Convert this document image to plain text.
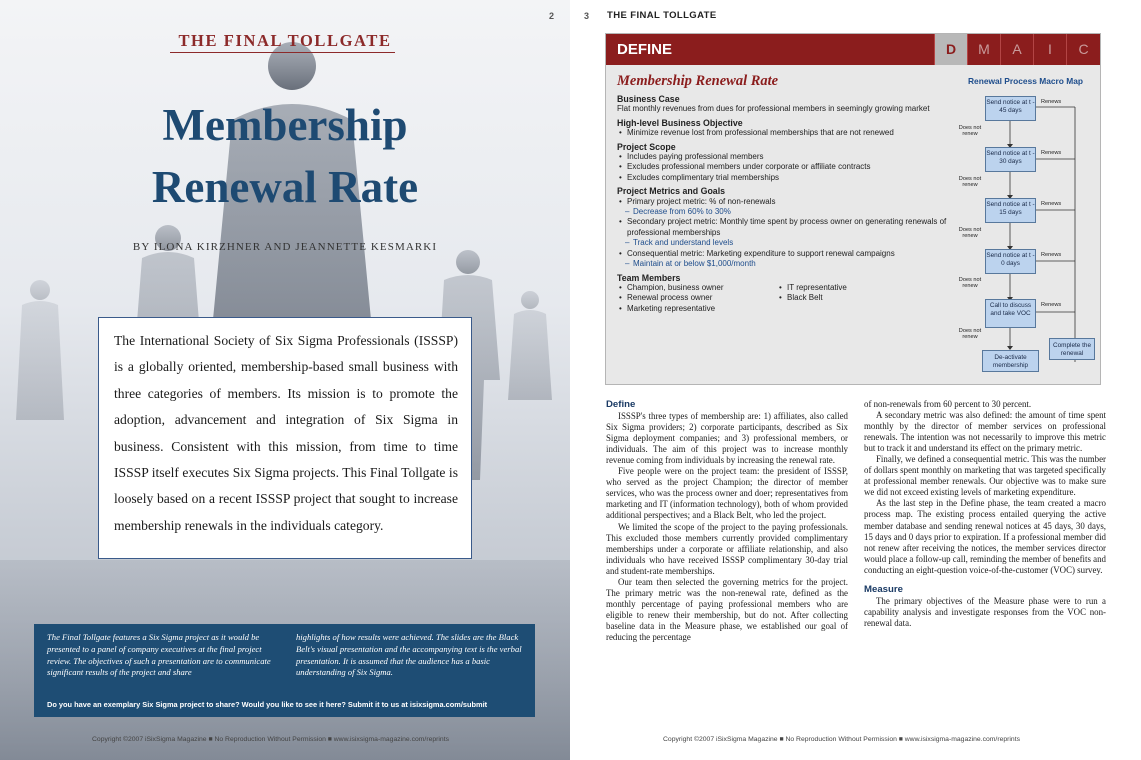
2
THE FINAL TOLLGATE
Membership
Renewal Rate
BY ILONA KIRZHNER AND JEANNETTE KESMARKI

The International Society of Six Sigma Professionals (ISSSP) is a globally oriented, membership-based small business with three categories of members. Its mission is to promote the adoption, advancement and integration of Six Sigma in business. Consistent with this mission, from time to time ISSSP itself executes Six Sigma projects. This Final Tollgate is loosely based on a recent ISSSP project that sought to increase membership renewals in the individuals category.

The Final Tollgate features a Six Sigma project as it would be presented to a panel of company executives at the final project review. The objectives of such a presentation are to communicate significant results of the project and share

highlights of how results were achieved. The slides are the Black Belt's visual presentation and the accompanying text is the verbal presentation. It is assumed that the audience has a basic understanding of Six Sigma.

Do you have an exemplary Six Sigma project to share? Would you like to see it here? Submit it to us at isixsigma.com/submit
Copyright ©2007 iSixSigma Magazine ■ No Reproduction Without Permission ■ www.isixsigma-magazine.com/reprints
3 THE FINAL TOLLGATE
DEFINE	D	M	A	I	C
Membership Renewal Rate
Business Case
Flat monthly revenues from dues for professional members in seemingly growing market
High-level Business Objective
• Minimize revenue lost from professional memberships that are not renewed
Project Scope
• Includes paying professional members
• Excludes professional members under corporate or affiliate contracts
• Excludes complimentary trial memberships
Project Metrics and Goals
• Primary project metric: % of non-renewals
– Decrease from 60% to 30%
• Secondary project metric: Monthly time spent by process owner on generating renewals of professional memberships
– Track and understand levels
• Consequential metric: Marketing expenditure to support renewal campaigns
– Maintain at or below $1,000/month
Team Members
• Champion, business owner
• Renewal process owner
• Marketing representative
• IT representative
• Black Belt
Renewal Process Macro Map
Send notice at t - 45 days
Send notice at t - 30 days
Send notice at t - 15 days
Send notice at t - 0 days
Call to discuss and take VOC
De-activate membership
Complete the renewal
Renews
Renews
Renews
Renews
Renews
Does not renew
Does not renew
Does not renew
Does not renew
Does not renew
Define

ISSSP's three types of membership are: 1) affiliates, also called Six Sigma providers; 2) corporate participants, described as Six Sigma deployment companies; and 3) professional members, or individuals. The aim of this project was to increase monthly revenue coming from individuals by increasing the renewal rate.

Five people were on the project team: the president of ISSSP, who served as the project Champion; the director of member services, who was the process owner and doer; representatives from marketing and IT (information technology), both of whom provided additional perspectives; and a Black Belt, who led the project.

We limited the scope of the project to the paying professionals. This excluded those members currently provided complimentary memberships under a corporate or affiliate relationship, and also individuals who have received ISSSP complimentary 30-day trial and student-rate memberships.

Our team then selected the governing metrics for the project. The primary metric was the non-renewal rate, defined as the monthly percentage of paying professional members who are eligible to renew their membership, but do not. After collecting baseline data in the Measure phase, we established our goal of reducing the percentage

of non-renewals from 60 percent to 30 percent.

A secondary metric was also defined: the amount of time spent monthly by the director of member services on professional renewals. The intention was not necessarily to improve this metric but to track it and understand its effect on the primary metric.

Finally, we defined a consequential metric. This was the number of dollars spent monthly on marketing that was targeted specifically at professional member renewals. Our objective was to make sure we did not exceed existing levels of marketing expenditure.

As the last step in the Define phase, the team created a macro process map. The existing process entailed querying the active member database and sending renewal notices at 45 days, 30 days, 15 days and 0 days prior to expiration. If a professional member did not renew after receiving the notices, the member services director would place a follow-up call, reminding the member of benefits and conducting an eight-question voice-of-the-customer (VOC) survey.

Measure

The primary objectives of the Measure phase were to run a capability analysis and investigate responses from the VOC non-renewal data.

Copyright ©2007 iSixSigma Magazine ■ No Reproduction Without Permission ■ www.isixsigma-magazine.com/reprints
